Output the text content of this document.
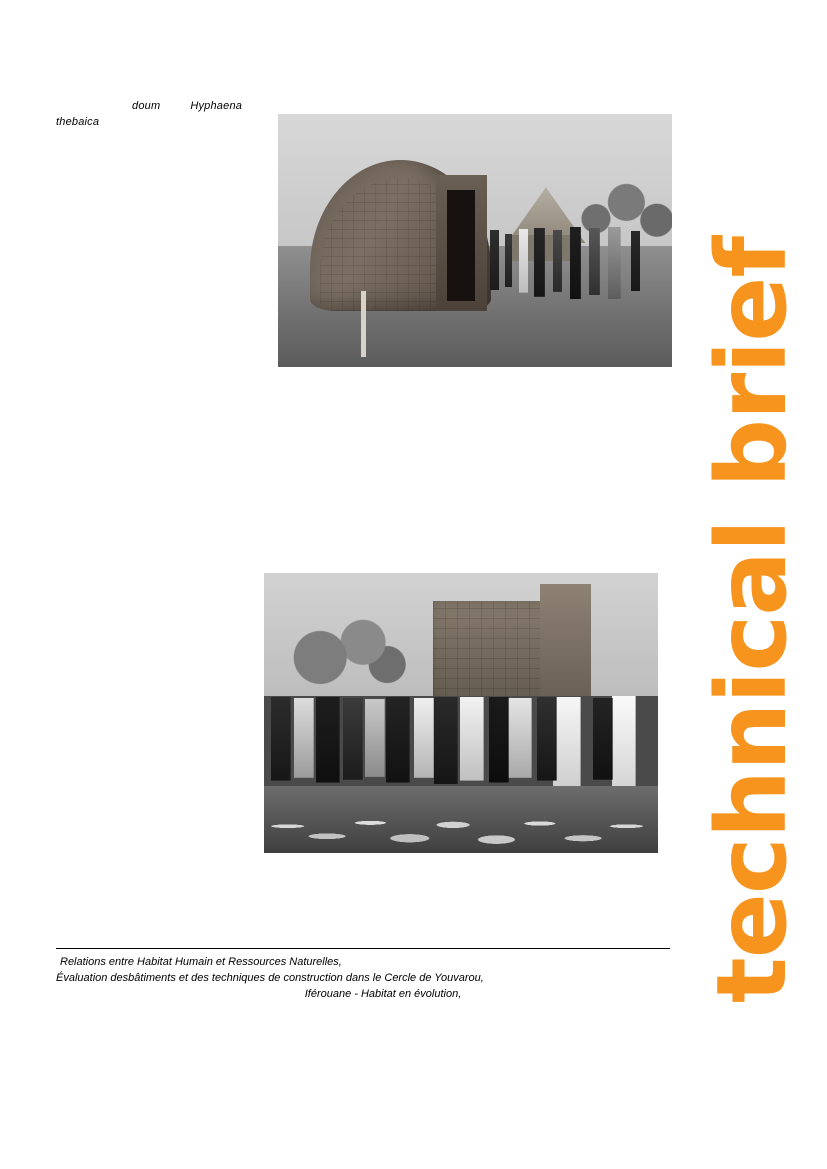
doum	Hyphaena
thebaica
Relations entre Habitat Humain et Ressources Naturelles,
Évaluation desbâtiments et des techniques de construction dans le Cercle de Youvarou,
Iférouane - Habitat en évolution,	technical brief
